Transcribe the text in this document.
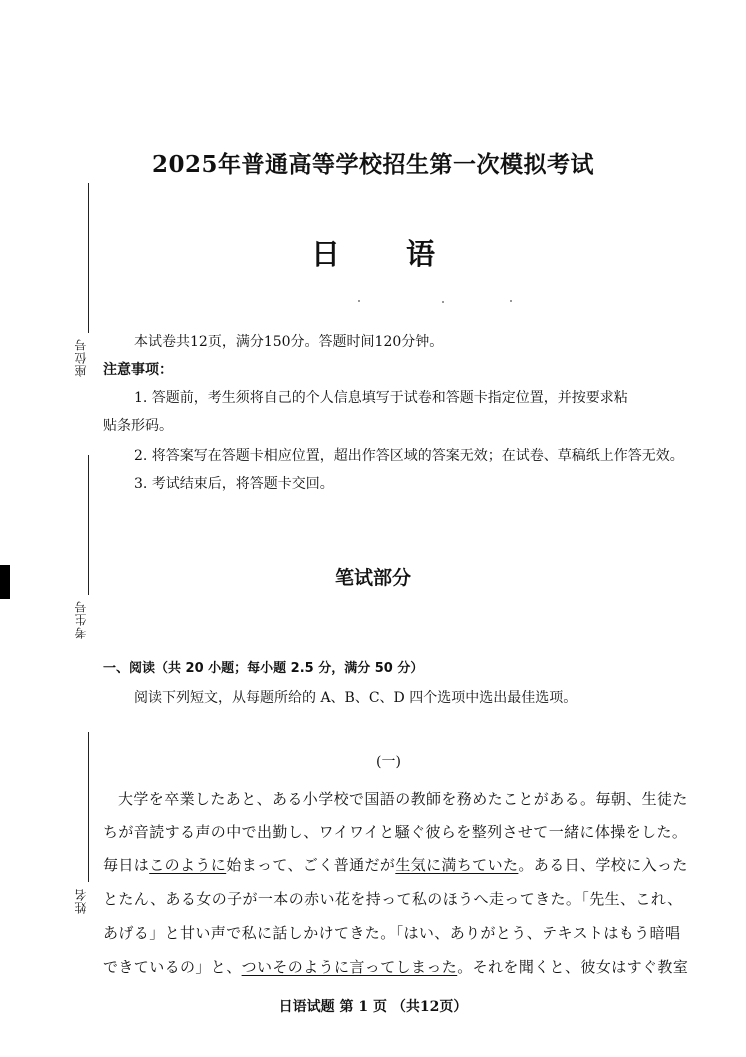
座位号
考生号
姓名
2025年普通高等学校招生第一次模拟考试
日 语
本试卷共12页，满分150分。答题时间120分钟。
注意事项：
1. 答题前，考生须将自己的个人信息填写于试卷和答题卡指定位置，并按要求粘
贴条形码。
2. 将答案写在答题卡相应位置，超出作答区域的答案无效；在试卷、草稿纸上作答无效。
3. 考试结束后，将答题卡交回。
笔试部分
一、阅读（共 20 小题；每小题 2.5 分，满分 50 分）
阅读下列短文，从每题所给的 A、B、C、D 四个选项中选出最佳选项。
(一)
大学を卒業したあと、ある小学校で国語の教師を務めたことがある。毎朝、生徒た
ちが音読する声の中で出勤し、ワイワイと騒ぐ彼らを整列させて一緒に体操をした。
毎日はこのように始まって、ごく普通だが生気に満ちていた。ある日、学校に入った
とたん、ある女の子が一本の赤い花を持って私のほうへ走ってきた。「先生、これ、
あげる」と甘い声で私に話しかけてきた。「はい、ありがとう、テキストはもう暗唱
できているの」と、ついそのように言ってしまった。それを聞くと、彼女はすぐ教室
日语试题 第 1 页 （共12页）
